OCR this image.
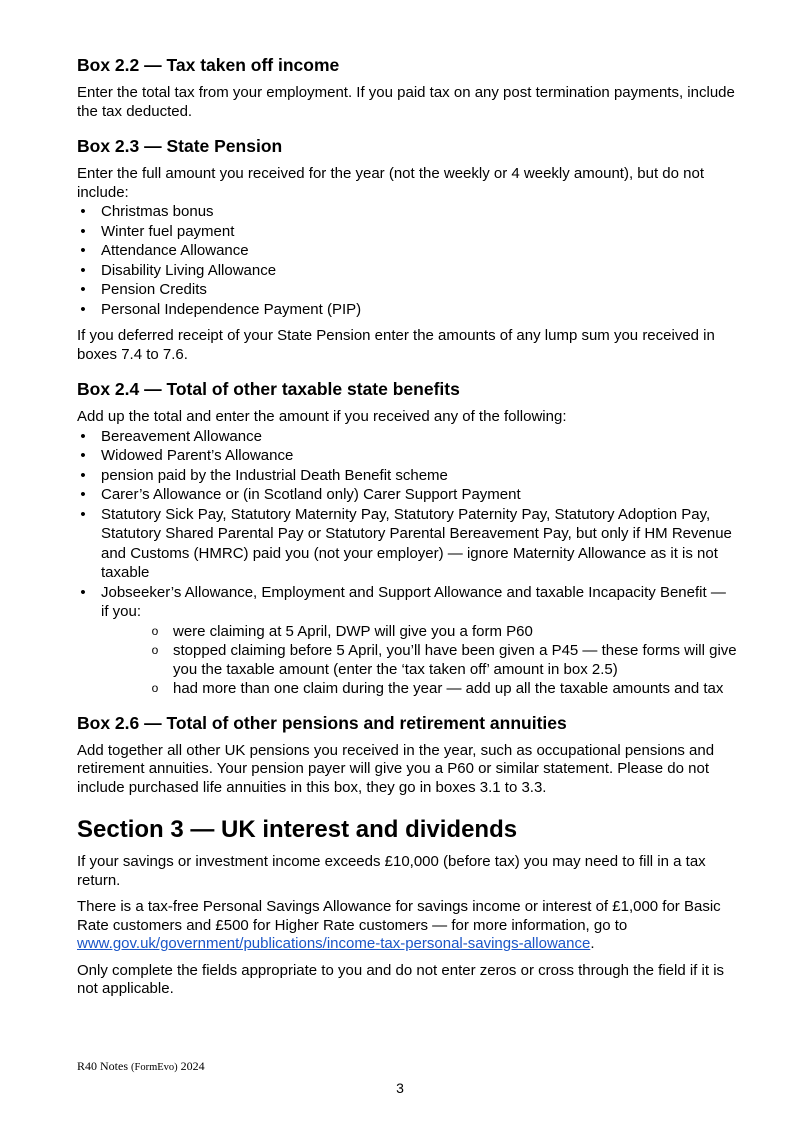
Box 2.2 — Tax taken off income

Enter the total tax from your employment. If you paid tax on any post termination payments, include the tax deducted.

Box 2.3 — State Pension

Enter the full amount you received for the year (not the weekly or 4 weekly amount), but do not include:

• Christmas bonus
• Winter fuel payment
• Attendance Allowance
• Disability Living Allowance
• Pension Credits
• Personal Independence Payment (PIP)

If you deferred receipt of your State Pension enter the amounts of any lump sum you received in boxes 7.4 to 7.6.

Box 2.4 — Total of other taxable state benefits

Add up the total and enter the amount if you received any of the following:

• Bereavement Allowance
• Widowed Parent’s Allowance
• pension paid by the Industrial Death Benefit scheme
• Carer’s Allowance or (in Scotland only) Carer Support Payment
• Statutory Sick Pay, Statutory Maternity Pay, Statutory Paternity Pay, Statutory Adoption Pay, Statutory Shared Parental Pay or Statutory Parental Bereavement Pay, but only if HM Revenue and Customs (HMRC) paid you (not your employer) — ignore Maternity Allowance as it is not taxable
• Jobseeker’s Allowance, Employment and Support Allowance and taxable Incapacity Benefit — if you:
o were claiming at 5 April, DWP will give you a form P60
o stopped claiming before 5 April, you’ll have been given a P45 — these forms will give you the taxable amount (enter the ‘tax taken off’ amount in box 2.5)
o had more than one claim during the year — add up all the taxable amounts and tax
Box 2.6 — Total of other pensions and retirement annuities

Add together all other UK pensions you received in the year, such as occupational pensions and retirement annuities. Your pension payer will give you a P60 or similar statement. Please do not include purchased life annuities in this box, they go in boxes 3.1 to 3.3.

Section 3 — UK interest and dividends

If your savings or investment income exceeds £10,000 (before tax) you may need to fill in a tax return.

There is a tax-free Personal Savings Allowance for savings income or interest of £1,000 for Basic Rate customers and £500 for Higher Rate customers — for more information, go to www.gov.uk/government/publications/income-tax-personal-savings-allowance.

Only complete the fields appropriate to you and do not enter zeros or cross through the field if it is not applicable.

R40 Notes (FormEvo) 2024
3
